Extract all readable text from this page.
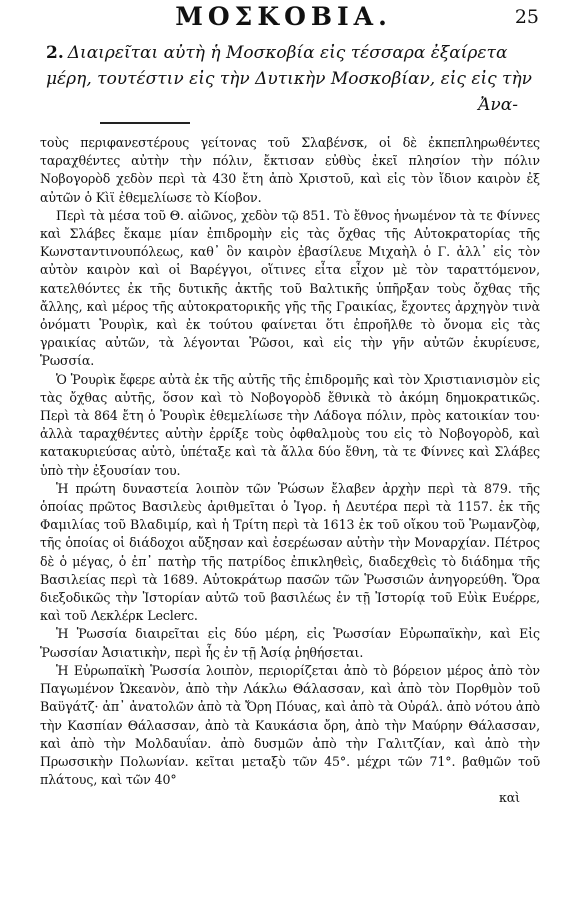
ΜΟΣΚΟΒΙΑ.	25
2. Διαιρεῖται αὐτὴ ἡ Μοσκοβία εἰς τέσσαρα ἐξαίρετα μέρη, τουτέστιν εἰς τὴν Δυτικὴν Μοσκοβίαν, εἰς εἰς τὴν
Ἀνα-

τοὺς περιφανεστέρους γείτονας τοῦ Σλαβένσκ, οἱ δὲ ἐκπεπληρωθέντες ταραχθέντες αὐτὴν τὴν πόλιν, ἔκτισαν εὐθὺς ἐκεῖ πλησίον τὴν πόλιν Νοβογορὸδ χεδὸν περὶ τὰ 430 ἔτη ἀπὸ Χριστοῦ, καὶ εἰς τὸν ἴδιον καιρὸν ἐξ αὐτῶν ὁ Κὶϊ ἐθεμελίωσε τὸ Κίοβον.

Περὶ τὰ μέσα τοῦ Θ. αἰῶνος, χεδὸν τῷ 851. Τὸ ἔθνος ἡνωμένον τὰ τε Φίννες καὶ Σλάβες ἔκαμε μίαν ἐπιδρομὴν εἰς τὰς ὄχθας τῆς Αὐτοκρατορίας τῆς Κωνσταντινουπόλεως, καθ᾽ ὃν καιρὸν ἐβασίλευε Μιχαὴλ ὁ Γ. ἀλλ᾽ εἰς τὸν αὐτὸν καιρὸν καὶ οἱ Βαρέγγοι, οἵτινες εἶτα εἶχον μὲ τὸν ταραττόμενον, κατελθόντες ἐκ τῆς δυτικῆς ἀκτῆς τοῦ Βαλτικῆς ὑπῆρξαν τοὺς ὄχθας τῆς ἄλλης, καὶ μέρος τῆς αὐτοκρατορικῆς γῆς τῆς Γραικίας, ἔχοντες ἀρχηγὸν τινὰ ὀνόματι Ῥουρὶκ, καὶ ἐκ τούτου φαίνεται ὅτι ἐπροῆλθε τὸ ὄνομα εἰς τὰς γραικίας αὐτῶν, τὰ λέγονται Ῥῶσοι, καὶ εἰς τὴν γῆν αὐτῶν ἐκυρίευσε, Ῥωσσία.

Ὁ Ῥουρὶκ ἔφερε αὐτὰ ἐκ τῆς αὐτῆς τῆς ἐπιδρομῆς καὶ τὸν Χριστιανισμὸν εἰς τὰς ὄχθας αὐτῆς, ὅσον καὶ τὸ Νοβογορὸδ ἔθνικὰ τὸ ἀκόμη δημοκρατικῶς. Περὶ τὰ 864 ἔτη ὁ Ῥουρὶκ ἐθεμελίωσε τὴν Λάδογα πόλιν, πρὸς κατοικίαν του· ἀλλὰ ταραχθέντες αὐτὴν ἐρρίξε τοὺς ὀφθαλμοὺς του εἰς τὸ Νοβογορὸδ, καὶ κατακυριεύσας αὐτὸ, ὑπέταξε καὶ τὰ ἄλλα δύο ἔθνη, τὰ τε Φίννες καὶ Σλάβες ὑπὸ τὴν ἐξουσίαν του.

Ἡ πρώτη δυναστεία λοιπὸν τῶν Ῥώσων ἔλαβεν ἀρχὴν περὶ τὰ 879. τῆς ὁποίας πρῶτος Βασιλεὺς ἀριθμεῖται ὁ Ἰγορ. ἡ Δευτέρα περὶ τὰ 1157. ἐκ τῆς Φαμιλίας τοῦ Βλαδιμίρ, καὶ ἡ Τρίτη περὶ τὰ 1613 ἐκ τοῦ οἴκου τοῦ Ῥωμανζὸφ, τῆς ὁποίας οἱ διάδοχοι αὔξησαν καὶ ἐσερέωσαν αὐτὴν τὴν Μοναρχίαν. Πέτρος δὲ ὁ μέγας, ὁ ἐπ᾽ πατὴρ τῆς πατρίδος ἐπικληθεὶς, διαδεχθεὶς τὸ διάδημα τῆς Βασιλείας περὶ τὰ 1689. Αὐτοκράτωρ πασῶν τῶν Ῥωσσιῶν ἀνηγορεύθη. Ὅρα διεξοδικῶς τὴν Ἰστορίαν αὐτῶ τοῦ βασιλέως ἐν τῇ Ἰστορίᾳ τοῦ Εὐὶκ Ευέρρε, καὶ τοῦ Λεκλέρκ Leclerc.

Ἡ Ῥωσσία διαιρεῖται εἰς δύο μέρη, εἰς Ῥωσσίαν Εὐρωπαϊκὴν, καὶ Εἰς Ῥωσσίαν Ἀσιατικὴν, περὶ ἧς ἐν τῇ Ἀσίᾳ ῥηθήσεται.

Ἡ Εὐρωπαϊκὴ Ῥωσσία λοιπὸν, περιορίζεται ἀπὸ τὸ βόρειον μέρος ἀπὸ τὸν Παγωμένον Ὠκεανὸν, ἀπὸ τὴν Λάκλω Θάλασσαν, καὶ ἀπὸ τὸν Πορθμὸν τοῦ Βαϋγάτζ· ἀπ᾽ ἀνατολῶν ἀπὸ τὰ Ὄρη Πόυας, καὶ ἀπὸ τὰ Οὐράλ. ἀπὸ νότου ἀπὸ τὴν Κασπίαν Θάλασσαν, ἀπὸ τὰ Καυκάσια ὄρη, ἀπὸ τὴν Μαύρην Θάλασσαν, καὶ ἀπὸ τὴν Μολδαυΐαν. ἀπὸ δυσμῶν ἀπὸ τὴν Γαλιτζίαν, καὶ ἀπὸ τὴν Πρωσσικὴν Πολωνίαν. κεῖται μεταξὺ τῶν 45°. μέχρι τῶν 71°. βαθμῶν τοῦ πλάτους, καὶ τῶν 40°

καὶ
